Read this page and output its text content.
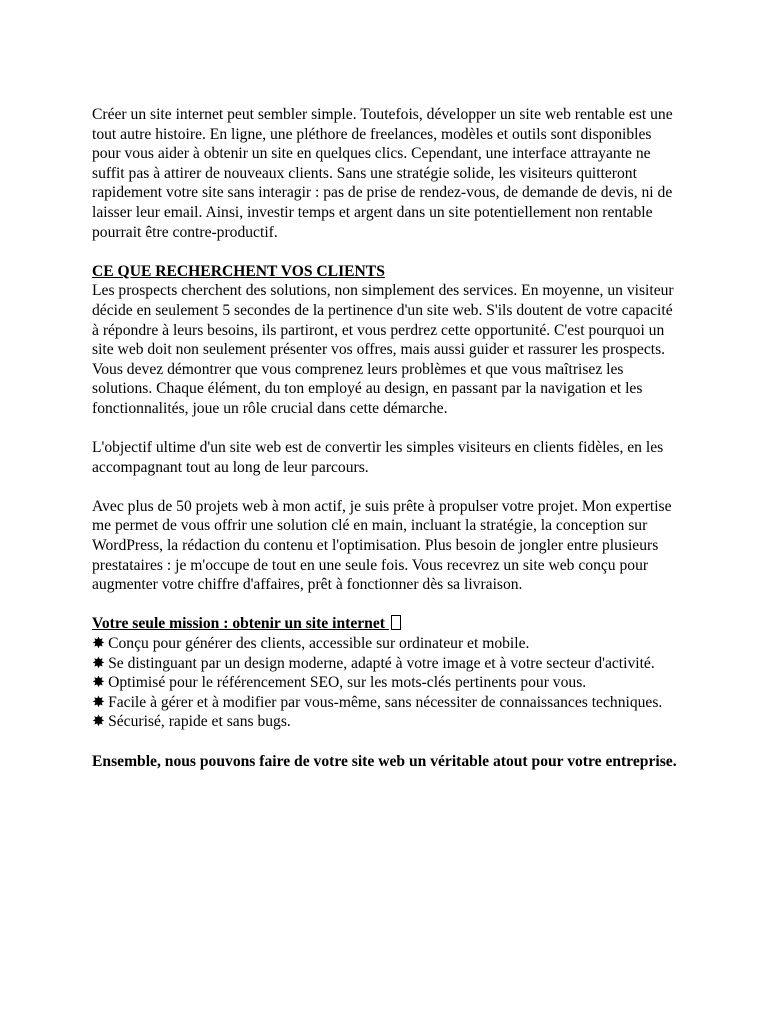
Créer un site internet peut sembler simple. Toutefois, développer un site web rentable est une tout autre histoire. En ligne, une pléthore de freelances, modèles et outils sont disponibles pour vous aider à obtenir un site en quelques clics. Cependant, une interface attrayante ne suffit pas à attirer de nouveaux clients. Sans une stratégie solide, les visiteurs quitteront rapidement votre site sans interagir : pas de prise de rendez-vous, de demande de devis, ni de laisser leur email. Ainsi, investir temps et argent dans un site potentiellement non rentable pourrait être contre-productif.

CE QUE RECHERCHENT VOS CLIENTS

Les prospects cherchent des solutions, non simplement des services. En moyenne, un visiteur décide en seulement 5 secondes de la pertinence d'un site web. S'ils doutent de votre capacité à répondre à leurs besoins, ils partiront, et vous perdrez cette opportunité. C'est pourquoi un site web doit non seulement présenter vos offres, mais aussi guider et rassurer les prospects. Vous devez démontrer que vous comprenez leurs problèmes et que vous maîtrisez les solutions. Chaque élément, du ton employé au design, en passant par la navigation et les fonctionnalités, joue un rôle crucial dans cette démarche.

L'objectif ultime d'un site web est de convertir les simples visiteurs en clients fidèles, en les accompagnant tout au long de leur parcours.

Avec plus de 50 projets web à mon actif, je suis prête à propulser votre projet. Mon expertise me permet de vous offrir une solution clé en main, incluant la stratégie, la conception sur WordPress, la rédaction du contenu et l'optimisation. Plus besoin de jongler entre plusieurs prestataires : je m'occupe de tout en une seule fois. Vous recevrez un site web conçu pour augmenter votre chiffre d'affaires, prêt à fonctionner dès sa livraison.

Votre seule mission : obtenir un site internet

✸ Conçu pour générer des clients, accessible sur ordinateur et mobile.
✸ Se distinguant par un design moderne, adapté à votre image et à votre secteur d'activité.
✸ Optimisé pour le référencement SEO, sur les mots-clés pertinents pour vous.
✸ Facile à gérer et à modifier par vous-même, sans nécessiter de connaissances techniques.
✸ Sécurisé, rapide et sans bugs.

Ensemble, nous pouvons faire de votre site web un véritable atout pour votre entreprise.
